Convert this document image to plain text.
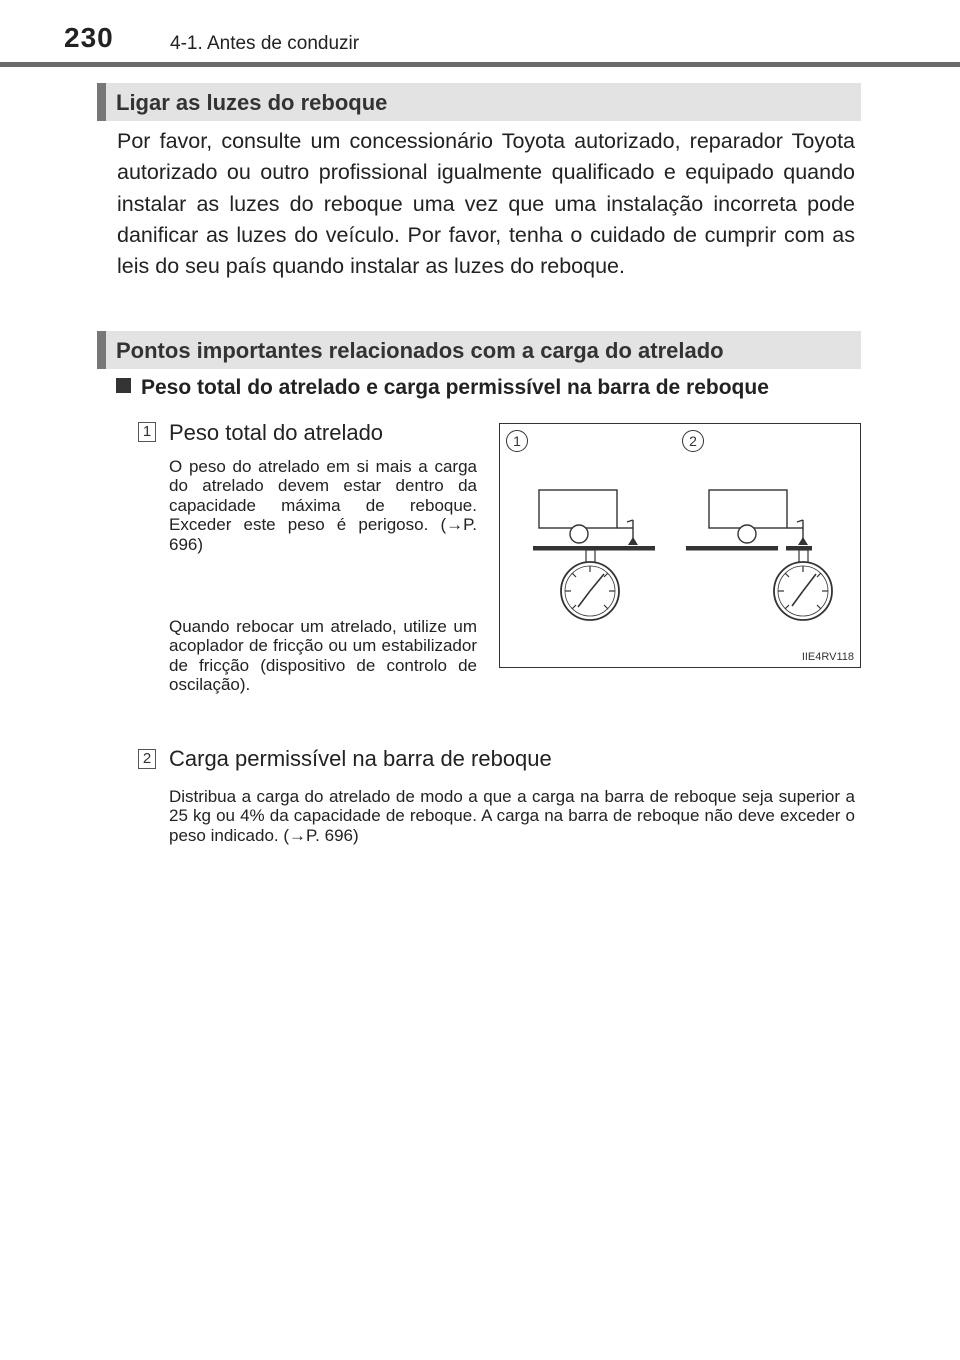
230	4-1. Antes de conduzir
Ligar as luzes do reboque

Por favor, consulte um concessionário Toyota autorizado, reparador Toyota autorizado ou outro profissional igualmente qualificado e equipado quando instalar as luzes do reboque uma vez que uma instalação incorreta pode danificar as luzes do veículo. Por favor, tenha o cuidado de cumprir com as leis do seu país quando instalar as luzes do reboque.

Pontos importantes relacionados com a carga do atrelado
Peso total do atrelado e carga permissível na barra de reboque
1 Peso total do atrelado

O peso do atrelado em si mais a carga do atrelado devem estar dentro da capacidade máxima de reboque. Exceder este peso é perigoso. (→P. 696)

Quando rebocar um atrelado, utilize um acoplador de fricção ou um estabilizador de fricção (dispositivo de controlo de oscilação).

1	2
IIE4RV118
2 Carga permissível na barra de reboque

Distribua a carga do atrelado de modo a que a carga na barra de reboque seja superior a 25 kg ou 4% da capacidade de reboque. A carga na barra de reboque não deve exceder o peso indicado. (→P. 696)
